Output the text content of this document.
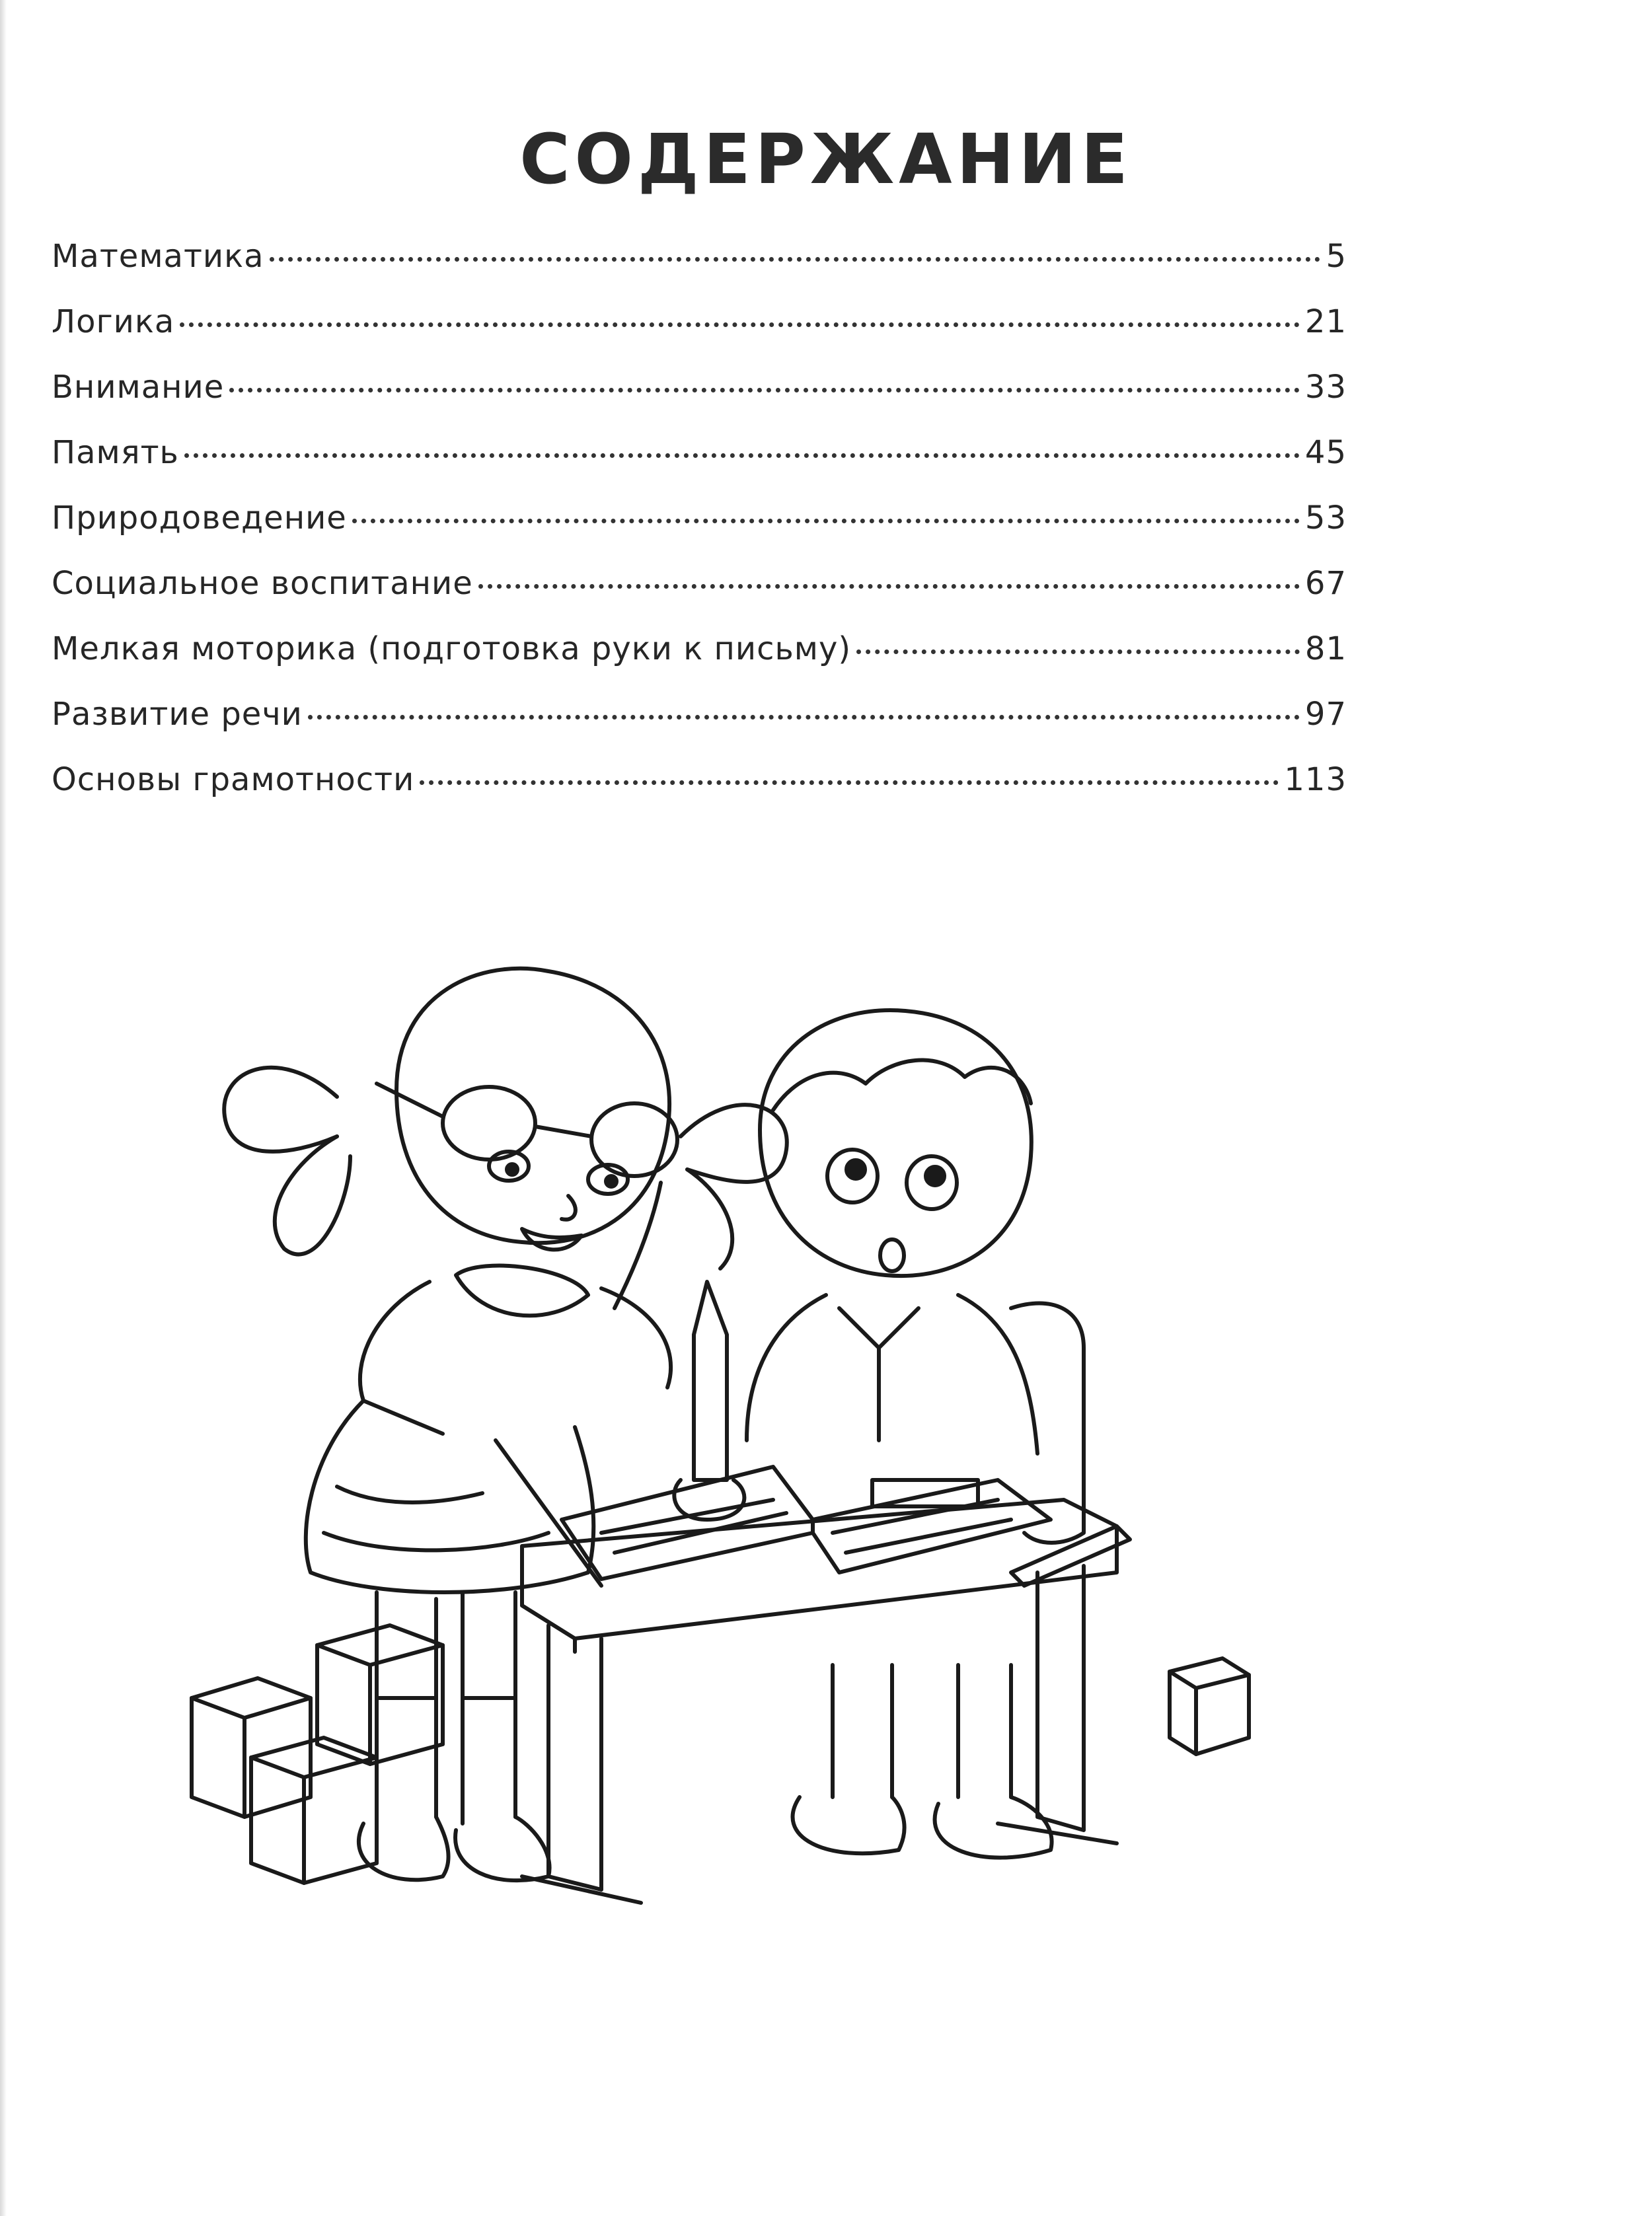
СОДЕРЖАНИЕ
Математика	5
Логика	21
Внимание	33
Память	45
Природоведение	53
Социальное воспитание	67
Мелкая моторика (подготовка руки к письму)	81
Развитие речи	97
Основы грамотности	113
